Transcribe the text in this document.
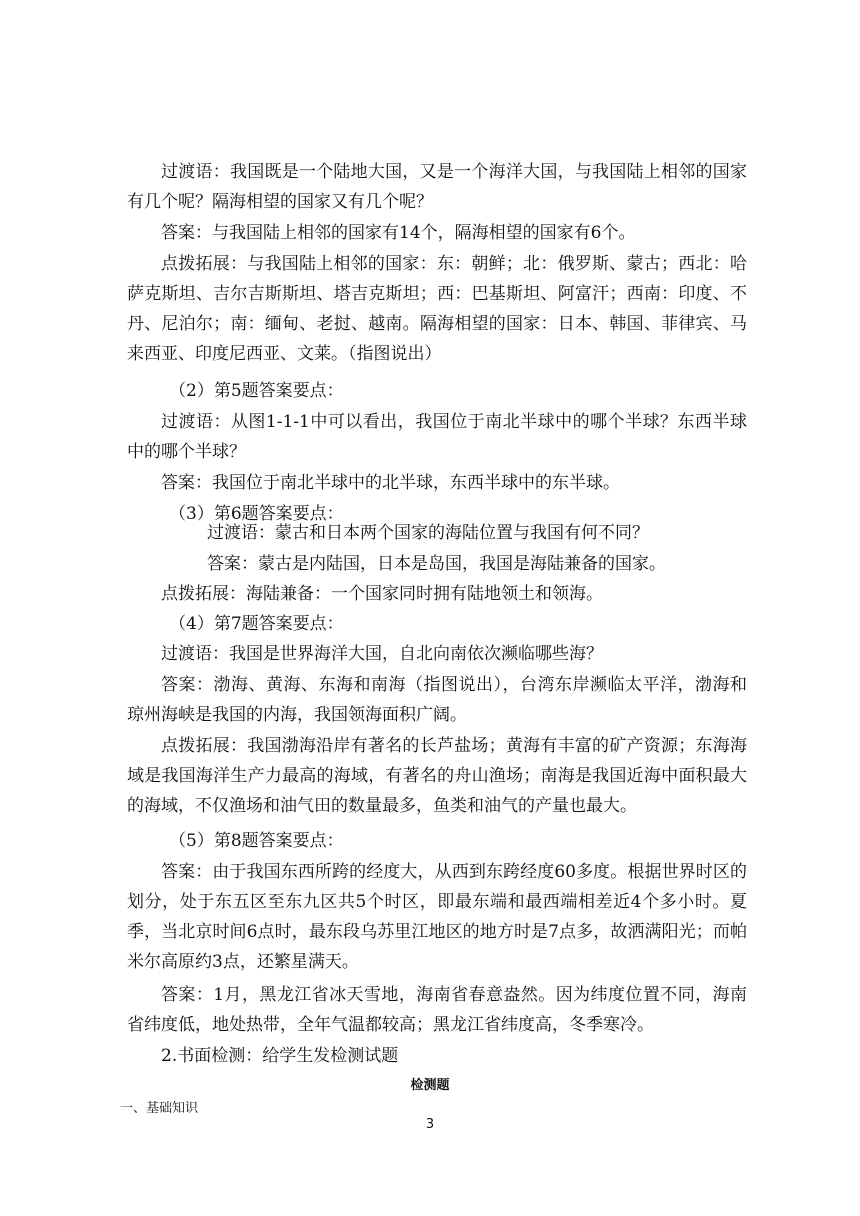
过渡语：我国既是一个陆地大国，又是一个海洋大国，与我国陆上相邻的国家有几个呢？隔海相望的国家又有几个呢？

答案：与我国陆上相邻的国家有14个，隔海相望的国家有6个。

点拨拓展：与我国陆上相邻的国家：东：朝鲜；北：俄罗斯、蒙古；西北：哈萨克斯坦、吉尔吉斯斯坦、塔吉克斯坦；西：巴基斯坦、阿富汗；西南：印度、不丹、尼泊尔；南：缅甸、老挝、越南。隔海相望的国家：日本、韩国、菲律宾、马来西亚、印度尼西亚、文莱。（指图说出）

（2）第5题答案要点：

过渡语：从图1-1-1中可以看出，我国位于南北半球中的哪个半球？东西半球中的哪个半球？

答案：我国位于南北半球中的北半球，东西半球中的东半球。

（3）第6题答案要点：

过渡语：蒙古和日本两个国家的海陆位置与我国有何不同？

答案：蒙古是内陆国，日本是岛国，我国是海陆兼备的国家。

点拨拓展：海陆兼备：一个国家同时拥有陆地领土和领海。

（4）第7题答案要点：

过渡语：我国是世界海洋大国，自北向南依次濒临哪些海？

答案：渤海、黄海、东海和南海（指图说出），台湾东岸濒临太平洋，渤海和琼州海峡是我国的内海，我国领海面积广阔。

点拨拓展：我国渤海沿岸有著名的长芦盐场；黄海有丰富的矿产资源；东海海域是我国海洋生产力最高的海域，有著名的舟山渔场；南海是我国近海中面积最大的海域，不仅渔场和油气田的数量最多，鱼类和油气的产量也最大。

（5）第8题答案要点：

答案：由于我国东西所跨的经度大，从西到东跨经度60多度。根据世界时区的划分，处于东五区至东九区共5个时区，即最东端和最西端相差近4个多小时。夏季，当北京时间6点时，最东段乌苏里江地区的地方时是7点多，故洒满阳光；而帕米尔高原约3点，还繁星满天。

答案：1月，黑龙江省冰天雪地，海南省春意盎然。因为纬度位置不同，海南省纬度低，地处热带，全年气温都较高；黑龙江省纬度高，冬季寒冷。

2.书面检测：给学生发检测试题

检测题
一、基础知识
3
